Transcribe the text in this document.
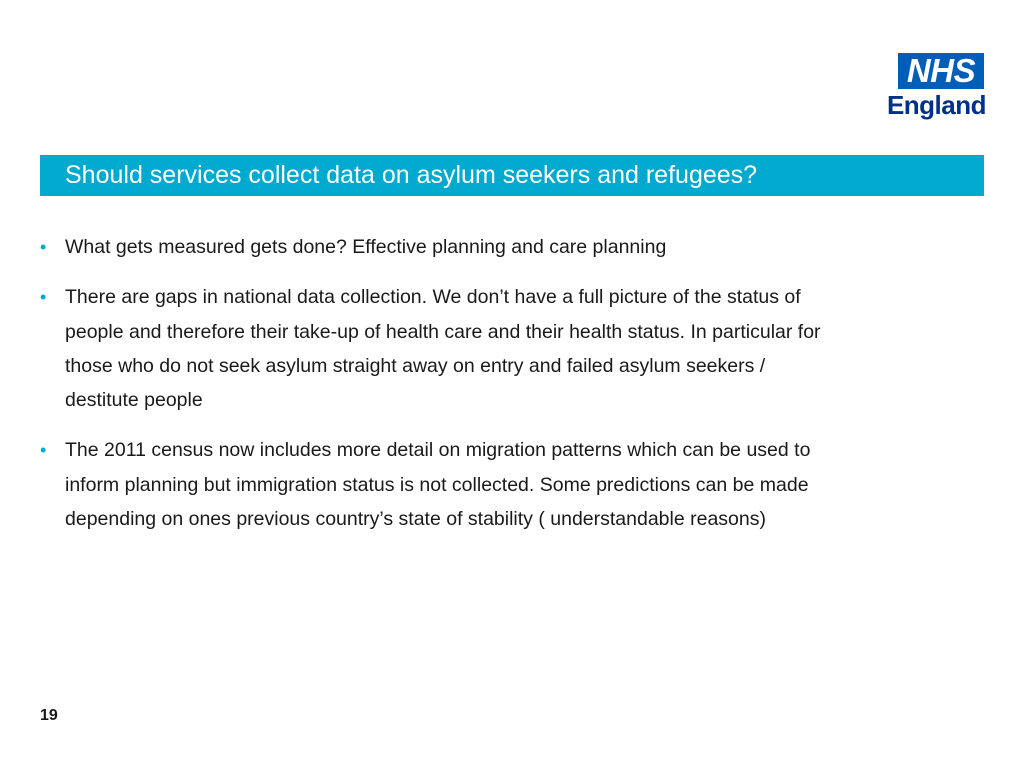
NHS
England
Should services collect data on asylum seekers and refugees?
• What gets measured gets done? Effective planning and care planning
• There are gaps in national data collection. We don’t have a full picture of the status of people and therefore their take-up of health care and their health status. In particular for those who do not seek asylum straight away on entry and failed asylum seekers / destitute people
• The 2011 census now includes more detail on migration patterns which can be used to inform planning but immigration status is not collected. Some predictions can be made depending on ones previous country’s state of stability ( understandable reasons)
19
